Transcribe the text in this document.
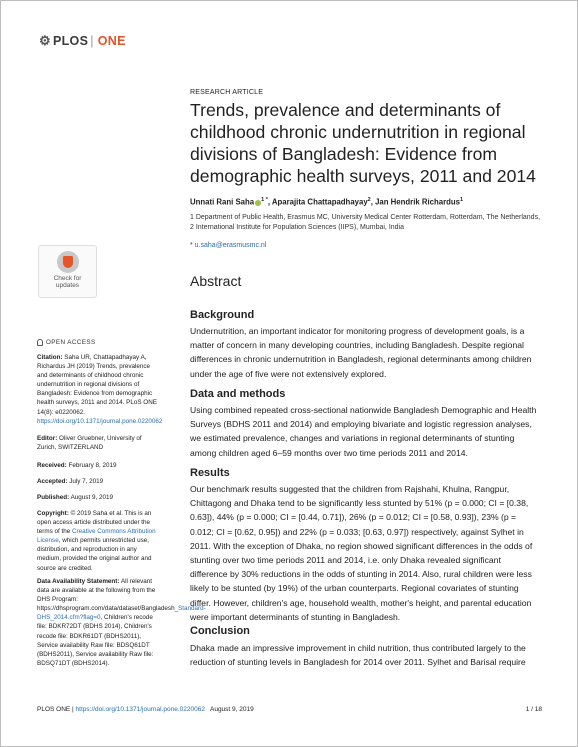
⚙ PLOS | ONE
RESEARCH ARTICLE
Trends, prevalence and determinants of childhood chronic undernutrition in regional divisions of Bangladesh: Evidence from demographic health surveys, 2011 and 2014
Unnati Rani Saha $^{1 *}$, Aparajita Chattapadhayay$^2$, Jan Hendrik Richardus$^1$
1 Department of Public Health, Erasmus MC, University Medical Center Rotterdam, Rotterdam, The Netherlands, 2 International Institute for Population Sciences (IIPS), Mumbai, India
* u.saha@erasmusmc.nl
Check for
updates	Abstract
Background
Undernutrition, an important indicator for monitoring progress of development goals, is a matter of concern in many developing countries, including Bangladesh. Despite regional differences in chronic undernutrition in Bangladesh, regional determinants among children under the age of five were not extensively explored.
Data and methods
Using combined repeated cross-sectional nationwide Bangladesh Demographic and Health Surveys (BDHS 2011 and 2014) and employing bivariate and logistic regression analyses, we estimated prevalence, changes and variations in regional determinants of stunting among children aged 6–59 months over two time periods 2011 and 2014.
Results
Our benchmark results suggested that the children from Rajshahi, Khulna, Rangpur, Chittagong and Dhaka tend to be significantly less stunted by 51% (p = 0.000; CI = [0.38, 0.63]), 44% (p = 0.000; CI = [0.44, 0.71]), 26% (p = 0.012; CI = [0.58, 0.93]), 23% (p = 0.012; CI = [0.62, 0.95]) and 22% (p = 0.033; [0.63, 0.97]) respectively, against Sylhet in 2011. With the exception of Dhaka, no region showed significant differences in the odds of stunting over two time periods 2011 and 2014, i.e. only Dhaka revealed significant difference by 30% reductions in the odds of stunting in 2014. Also, rural children were less likely to be stunted (by 19%) of the urban counterparts. Regional covariates of stunting differ. However, children's age, household wealth, mother's height, and parental education were important determinants of stunting in Bangladesh.
Conclusion
Dhaka made an impressive improvement in child nutrition, thus contributed largely to the reduction of stunting levels in Bangladesh for 2014 over 2011. Sylhet and Barisal require
OPEN ACCESS
Citation: Saha UR, Chattapadhayay A, Richardus JH (2019) Trends, prevalence and determinants of childhood chronic undernutrition in regional divisions of Bangladesh: Evidence from demographic health surveys, 2011 and 2014. PLoS ONE 14(8): e0220062. https://doi.org/10.1371/journal.pone.0220062
Editor: Oliver Gruebner, University of Zurich, SWITZERLAND
Received: February 8, 2019
Accepted: July 7, 2019
Published: August 9, 2019
Copyright: © 2019 Saha et al. This is an open access article distributed under the terms of the Creative Commons Attribution License, which permits unrestricted use, distribution, and reproduction in any medium, provided the original author and source are credited.
Data Availability Statement: All relevant data are available at the following from the DHS Program: https://dhsprogram.com/data/dataset/Bangladesh_Standard-DHS_2014.cfm?flag=0, Children's recode file: BDKR72DT (BDHS 2014), Children's recode file: BDKR61DT (BDHS2011), Service availability Raw file: BDSQ61DT (BDHS2011), Service availability Raw file: BDSQ71DT (BDHS2014).
PLOS ONE | https://doi.org/10.1371/journal.pone.0220062   August 9, 2019	1 / 18
